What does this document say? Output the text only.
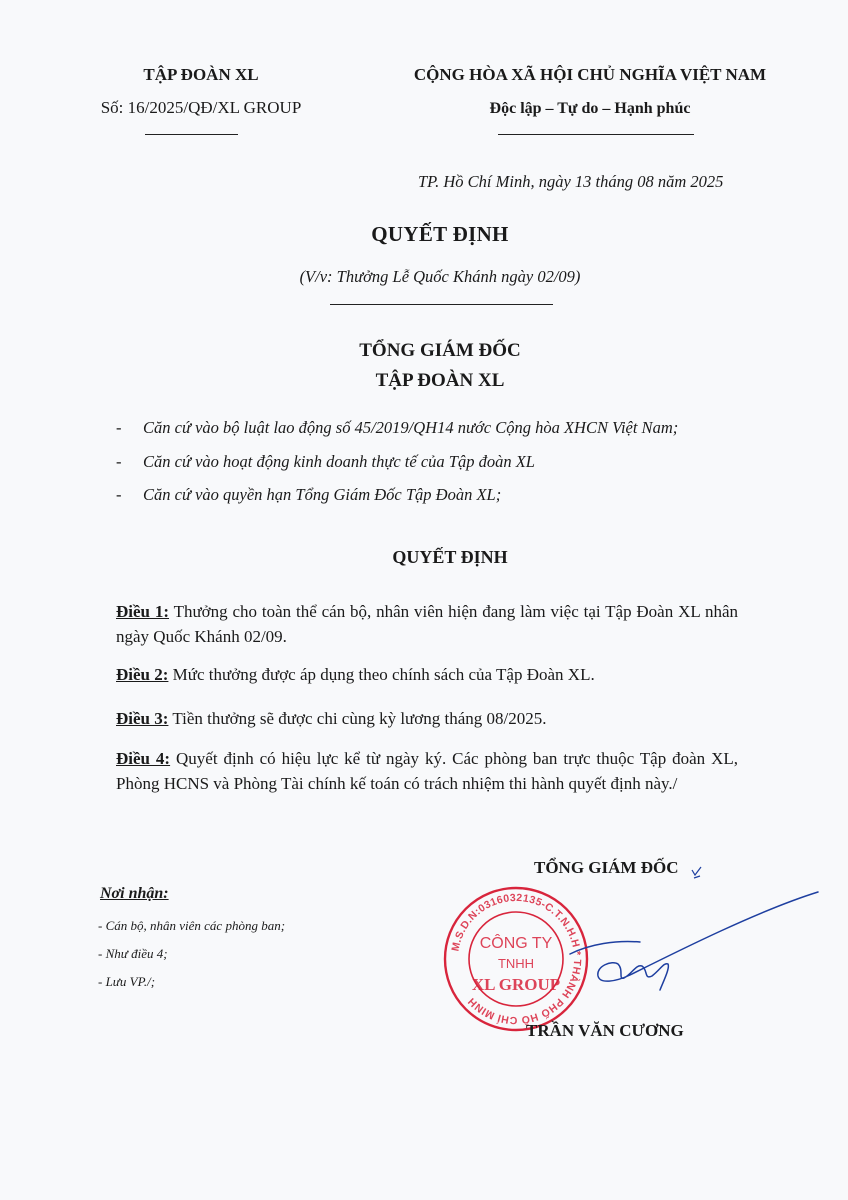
TẬP ĐOÀN XL
Số: 16/2025/QĐ/XL GROUP
CỘNG HÒA XÃ HỘI CHỦ NGHĨA VIỆT NAM
Độc lập – Tự do – Hạnh phúc
TP. Hồ Chí Minh, ngày 13 tháng 08 năm 2025
QUYẾT ĐỊNH
(V/v: Thưởng Lễ Quốc Khánh ngày 02/09)
TỔNG GIÁM ĐỐC
TẬP ĐOÀN XL
- Căn cứ vào bộ luật lao động số 45/2019/QH14 nước Cộng hòa XHCN Việt Nam;
- Căn cứ vào hoạt động kinh doanh thực tế của Tập đoàn XL
- Căn cứ vào quyền hạn Tổng Giám Đốc Tập Đoàn XL;
QUYẾT ĐỊNH
Điều 1: Thưởng cho toàn thể cán bộ, nhân viên hiện đang làm việc tại Tập Đoàn XL nhân ngày Quốc Khánh 02/09.
Điều 2: Mức thưởng được áp dụng theo chính sách của Tập Đoàn XL.
Điều 3: Tiền thưởng sẽ được chi cùng kỳ lương tháng 08/2025.
Điều 4: Quyết định có hiệu lực kể từ ngày ký. Các phòng ban trực thuộc Tập đoàn XL, Phòng HCNS và Phòng Tài chính kế toán có trách nhiệm thi hành quyết định này./
Nơi nhận:
- Cán bộ, nhân viên các phòng ban;
- Như điều 4;
- Lưu VP./;
TỔNG GIÁM ĐỐC
M.S.D.N:0316032135-C.T.N.H.H * THÀNH PHỐ HỒ CHÍ MINH
CÔNG TY
TNHH
XL GROUP
TRẦN VĂN CƯƠNG
